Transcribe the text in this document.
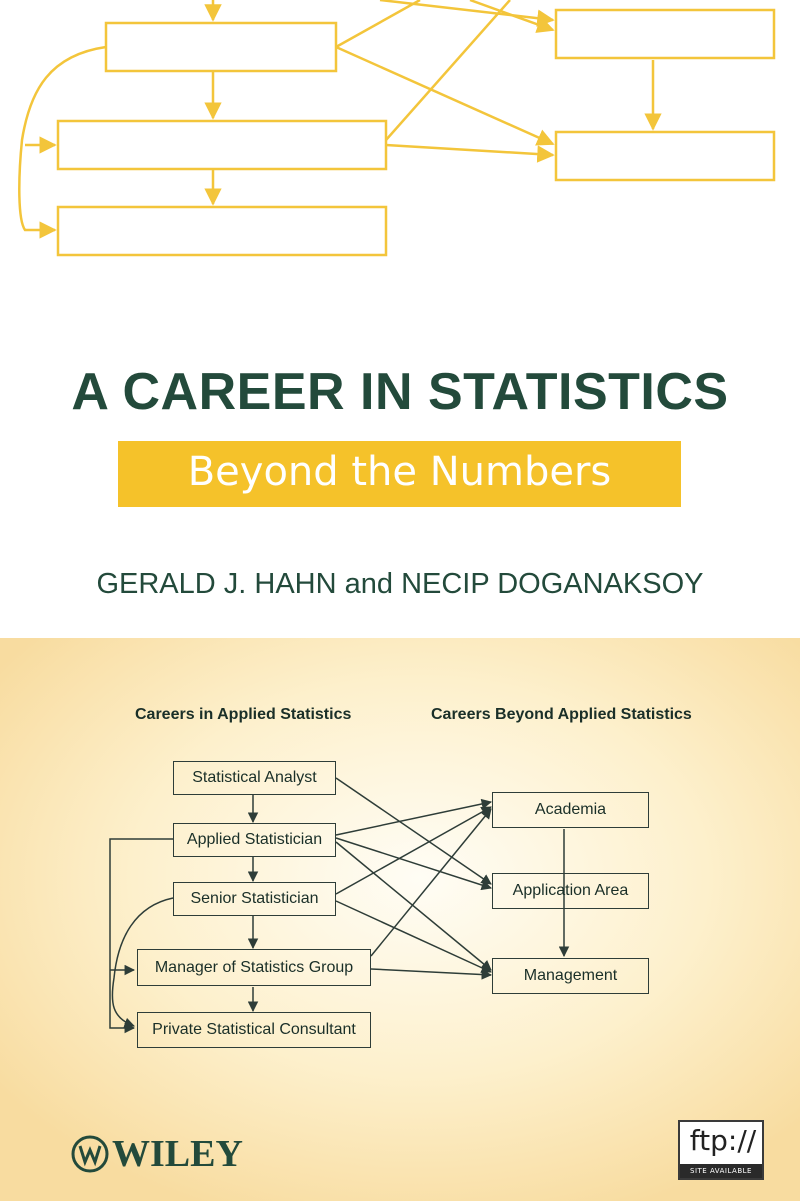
A CAREER IN STATISTICS
Beyond the Numbers
GERALD J. HAHN and NECIP DOGANAKSOY
Careers in Applied Statistics	Careers Beyond Applied Statistics
Statistical Analyst
Applied Statistician
Senior Statistician
Manager of Statistics Group
Private Statistical Consultant
Academia
Application Area
Management
WILEY	ftp://
SITE AVAILABLE
